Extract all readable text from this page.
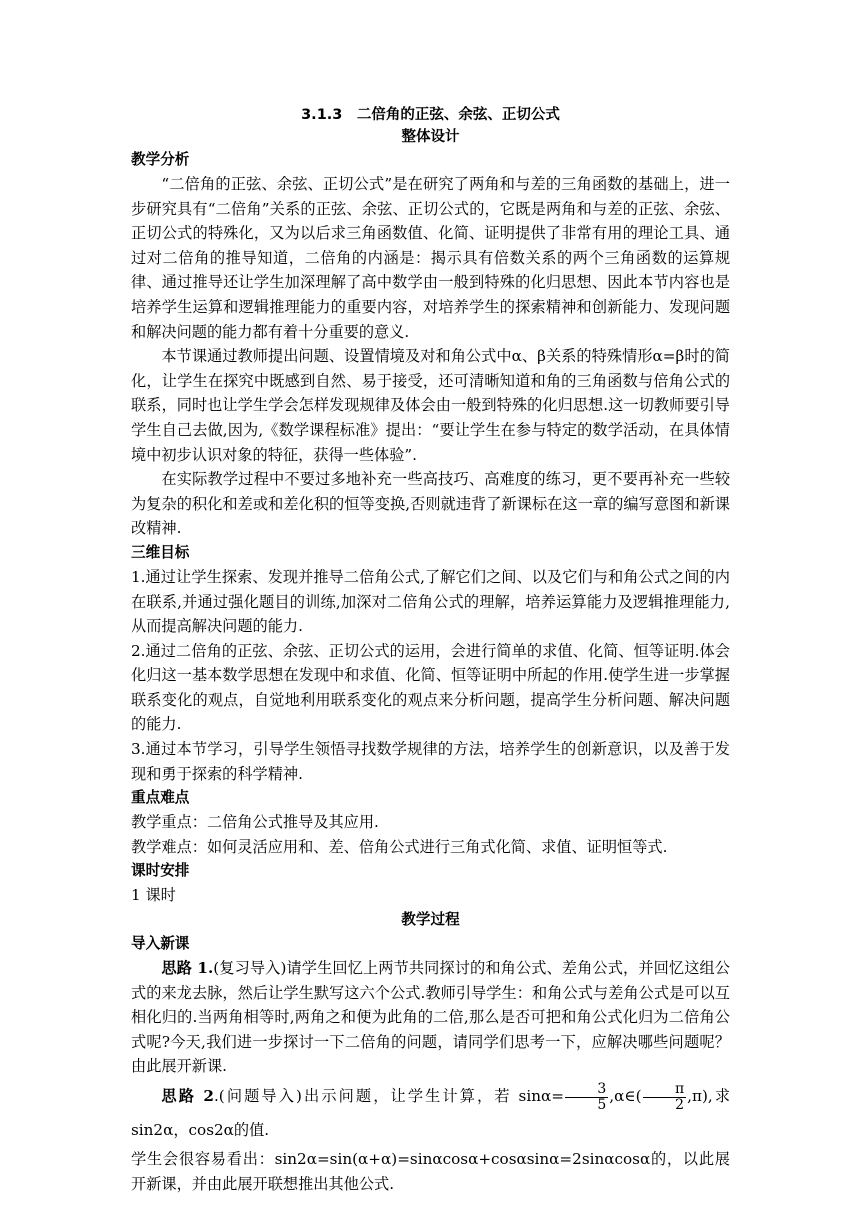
3.1.3　二倍角的正弦、余弦、正切公式

整体设计

教学分析

“二倍角的正弦、余弦、正切公式”是在研究了两角和与差的三角函数的基础上，进一步研究具有“二倍角”关系的正弦、余弦、正切公式的，它既是两角和与差的正弦、余弦、正切公式的特殊化，又为以后求三角函数值、化简、证明提供了非常有用的理论工具、通过对二倍角的推导知道，二倍角的内涵是：揭示具有倍数关系的两个三角函数的运算规律、通过推导还让学生加深理解了高中数学由一般到特殊的化归思想、因此本节内容也是培养学生运算和逻辑推理能力的重要内容，对培养学生的探索精神和创新能力、发现问题和解决问题的能力都有着十分重要的意义.

本节课通过教师提出问题、设置情境及对和角公式中α、β关系的特殊情形α=β时的简化，让学生在探究中既感到自然、易于接受，还可清晰知道和角的三角函数与倍角公式的联系，同时也让学生学会怎样发现规律及体会由一般到特殊的化归思想.这一切教师要引导学生自己去做,因为,《数学课程标准》提出：“要让学生在参与特定的数学活动，在具体情境中初步认识对象的特征，获得一些体验”.

在实际教学过程中不要过多地补充一些高技巧、高难度的练习，更不要再补充一些较为复杂的积化和差或和差化积的恒等变换,否则就违背了新课标在这一章的编写意图和新课改精神.

三维目标

1.通过让学生探索、发现并推导二倍角公式,了解它们之间、以及它们与和角公式之间的内在联系,并通过强化题目的训练,加深对二倍角公式的理解，培养运算能力及逻辑推理能力,从而提高解决问题的能力.

2.通过二倍角的正弦、余弦、正切公式的运用，会进行简单的求值、化简、恒等证明.体会化归这一基本数学思想在发现中和求值、化简、恒等证明中所起的作用.使学生进一步掌握联系变化的观点，自觉地利用联系变化的观点来分析问题，提高学生分析问题、解决问题的能力.

3.通过本节学习，引导学生领悟寻找数学规律的方法，培养学生的创新意识，以及善于发现和勇于探索的科学精神.

重点难点

教学重点：二倍角公式推导及其应用.

教学难点：如何灵活应用和、差、倍角公式进行三角式化简、求值、证明恒等式.

课时安排

1 课时

教学过程

导入新课

思路 1.(复习导入)请学生回忆上两节共同探讨的和角公式、差角公式，并回忆这组公式的来龙去脉，然后让学生默写这六个公式.教师引导学生：和角公式与差角公式是可以互相化归的.当两角相等时,两角之和便为此角的二倍,那么是否可把和角公式化归为二倍角公式呢?今天,我们进一步探讨一下二倍角的问题，请同学们思考一下，应解决哪些问题呢？由此展开新课.

思路 2.(问题导入)出示问题，让学生计算，若 $\sin\alpha= \frac{3}{5}$ ,α∈( $\frac{\pi}{2} ,\pi$),求 sin2α，cos2α的值.

学生会很容易看出：sin2α=sin(α+α)=sinαcosα+cosαsinα=2sinαcosα的，以此展开新课，并由此展开联想推出其他公式.
